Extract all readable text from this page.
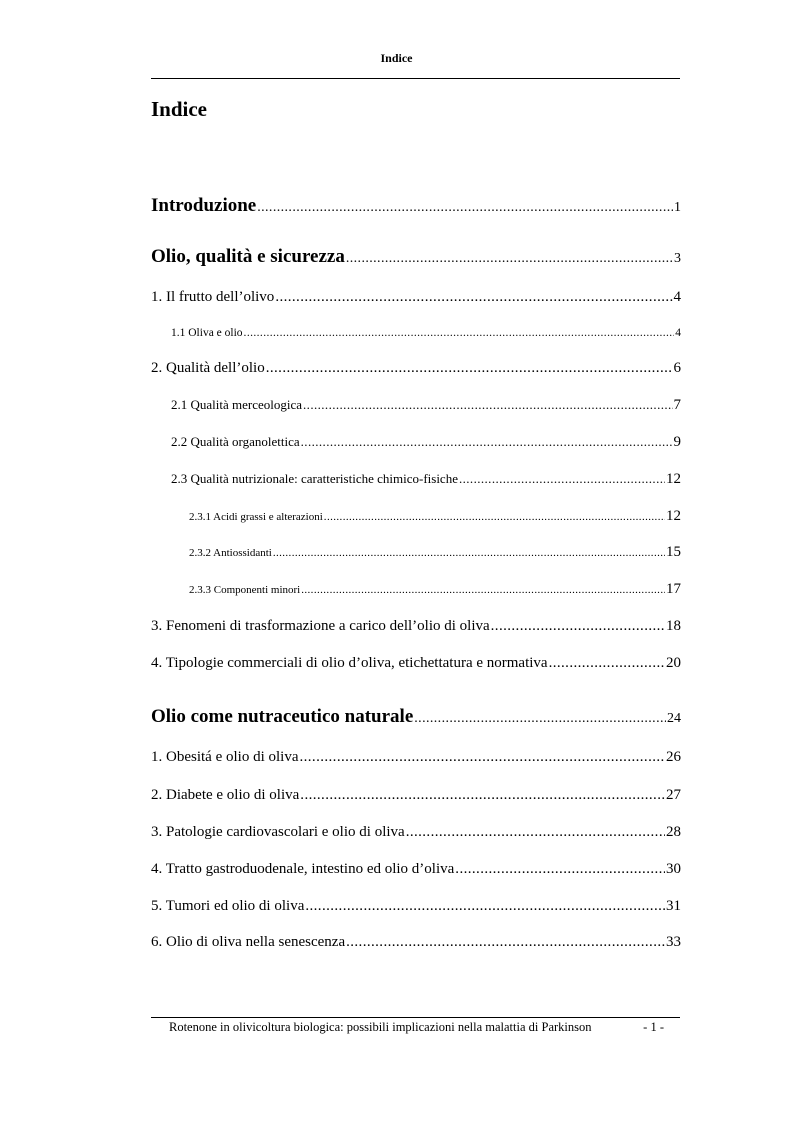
Indice
Indice
Introduzione .....	1
Olio, qualità e sicurezza .....	3
1. Il frutto dell’olivo .....	4
1.1 Oliva e olio .....	4
2. Qualità dell’olio .....	6
2.1 Qualità merceologica .....	7
2.2 Qualità organolettica .....	9
2.3 Qualità nutrizionale: caratteristiche chimico-fisiche .....	12
2.3.1 Acidi grassi e alterazioni .....	12
2.3.2 Antiossidanti .....	15
2.3.3 Componenti minori .....	17
3. Fenomeni di trasformazione a carico dell’olio di oliva .....	18
4. Tipologie commerciali di olio d’oliva, etichettatura e normativa .....	20
Olio come nutraceutico naturale .....	24
1. Obesitá e olio di oliva .....	26
2. Diabete e olio di oliva .....	27
3. Patologie cardiovascolari e olio di oliva .....	28
4. Tratto gastroduodenale, intestino ed olio d’oliva .....	30
5. Tumori ed olio di oliva .....	31
6. Olio di oliva nella senescenza .....	33
Rotenone in olivicoltura biologica: possibili implicazioni nella malattia di Parkinson	- 1 -
